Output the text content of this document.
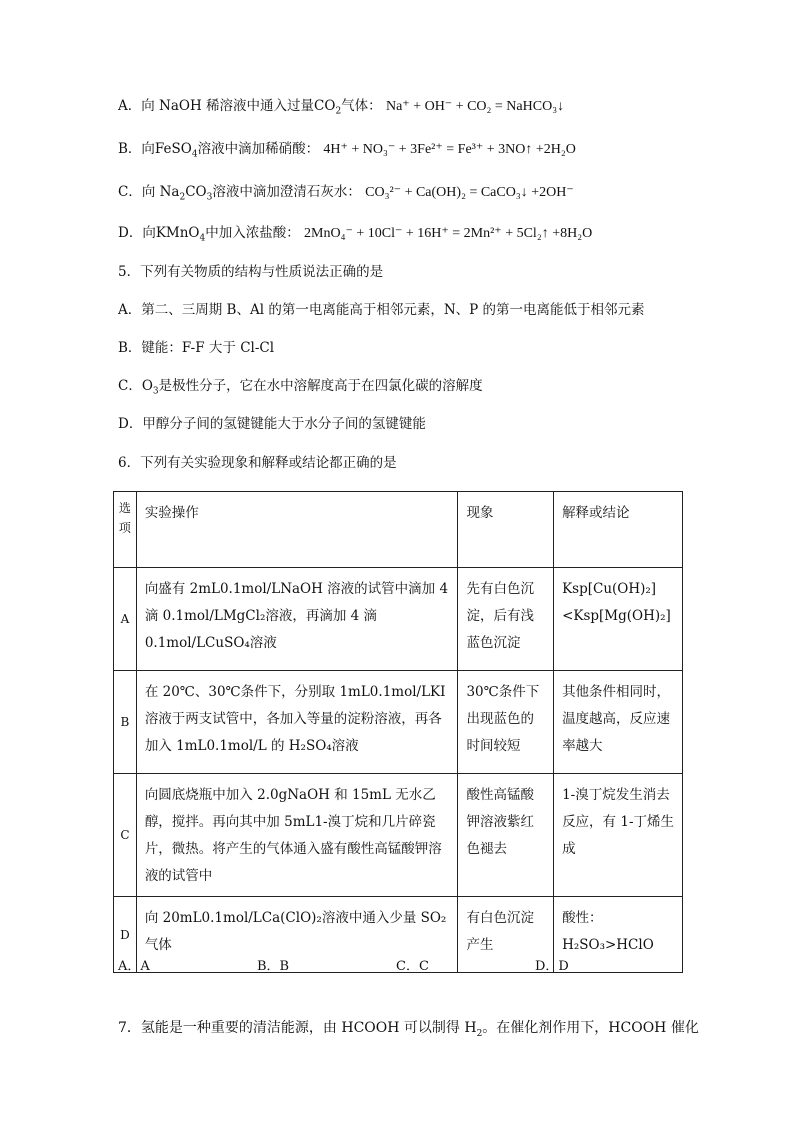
A．向 NaOH 稀溶液中通入过量$CO_2$气体： Na⁺ + OH⁻ + CO₂ = NaHCO₃↓
B．向FeSO$_4$溶液中滴加稀硝酸： 4H⁺ + NO₃⁻ + 3Fe²⁺ = Fe³⁺ + 3NO↑ +2H₂O
C．向 $Na_2CO_3$溶液中滴加澄清石灰水： CO₃²⁻ + Ca(OH)₂ = CaCO₃↓ +2OH⁻
D．向KMnO$_4$中加入浓盐酸： 2MnO₄⁻ + 10Cl⁻ + 16H⁺ = 2Mn²⁺ + 5Cl₂↑ +8H₂O
5．下列有关物质的结构与性质说法正确的是
A．第二、三周期 B、Al 的第一电离能高于相邻元素，N、P 的第一电离能低于相邻元素
B．键能：F-F 大于 Cl-Cl
C．$O_3$是极性分子，它在水中溶解度高于在四氯化碳的溶解度
D．甲醇分子间的氢键键能大于水分子间的氢键键能
6．下列有关实验现象和解释或结论都正确的是
选项	实验操作	现象	解释或结论
A	向盛有 2mL0.1mol/LNaOH 溶液的试管中滴加 4 滴 0.1mol/LMgCl₂溶液，再滴加 4 滴 0.1mol/LCuSO₄溶液	先有白色沉淀，后有浅蓝色沉淀	Ksp[Cu(OH)₂]<Ksp[Mg(OH)₂]
B	在 20℃、30℃条件下，分别取 1mL0.1mol/LKI 溶液于两支试管中，各加入等量的淀粉溶液，再各加入 1mL0.1mol/L 的 H₂SO₄溶液	30℃条件下出现蓝色的时间较短	其他条件相同时，温度越高，反应速率越大
C	向圆底烧瓶中加入 2.0gNaOH 和 15mL 无水乙醇，搅拌。再向其中加 5mL1-溴丁烷和几片碎瓷片，微热。将产生的气体通入盛有酸性高锰酸钾溶液的试管中	酸性高锰酸钾溶液紫红色褪去	1-溴丁烷发生消去反应，有 1-丁烯生成
D	向 20mL0.1mol/LCa(ClO)₂溶液中通入少量 SO₂气体	有白色沉淀产生	酸性：H₂SO₃>HClO
A．A	B．B	C．C	D．D
7．氢能是一种重要的清洁能源，由 HCOOH 可以制得 $H_2$。在催化剂作用下，HCOOH 催化
